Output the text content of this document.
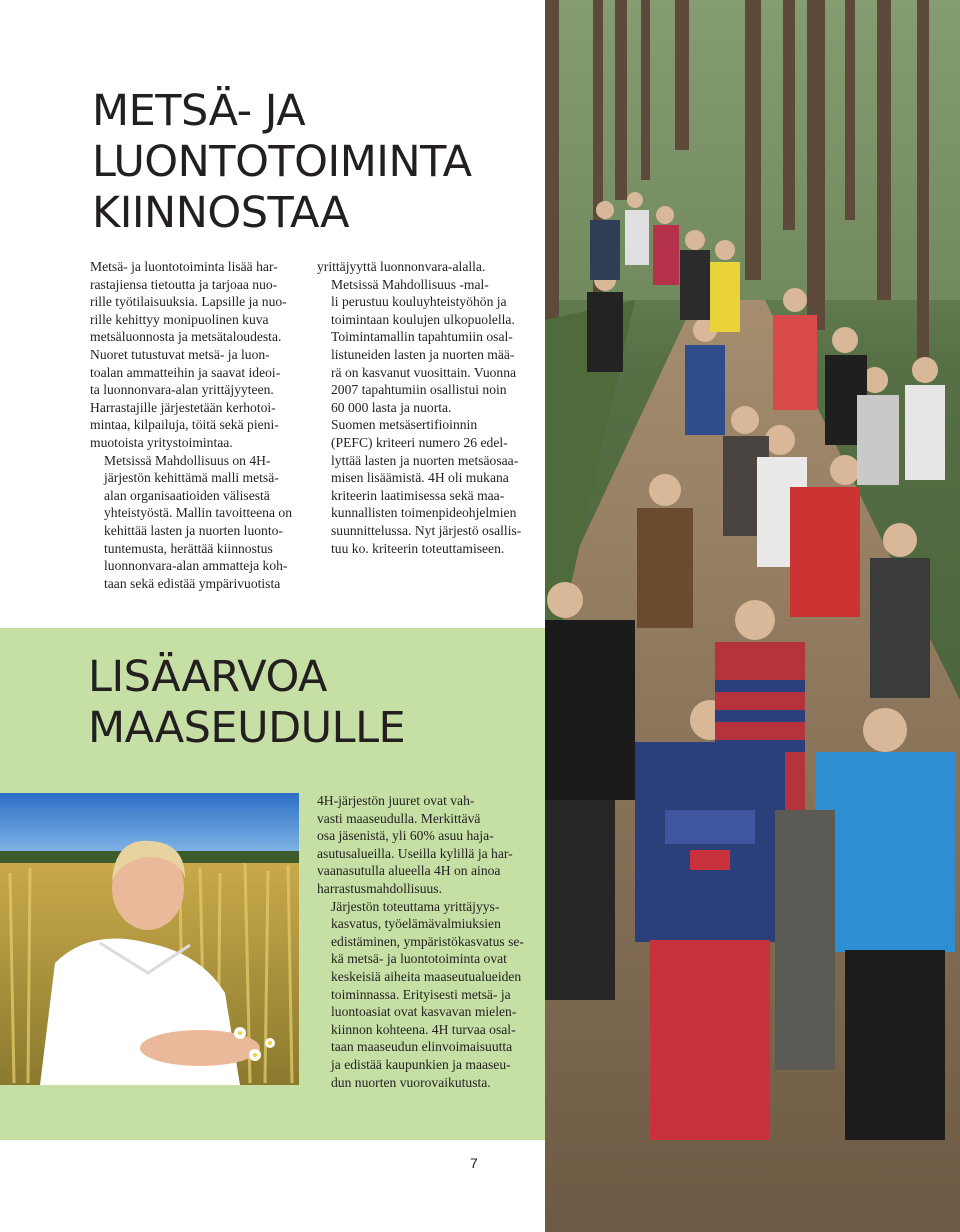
METSÄ- JA
LUONTOTOIMINTA
KIINNOSTAA

Metsä- ja luontotoiminta lisää har-
rastajiensa tietoutta ja tarjoaa nuo-
rille työtilaisuuksia. Lapsille ja nuo-
rille kehittyy monipuolinen kuva
metsäluonnosta ja metsätaloudesta.
Nuoret tutustuvat metsä- ja luon-
toalan ammatteihin ja saavat ideoi-
ta luonnonvara-alan yrittäjyyteen.
Harrastajille järjestetään kerhotoi-
mintaa, kilpailuja, töitä sekä pieni-
muotoista yritystoimintaa.

Metsissä Mahdollisuus on 4H-
järjestön kehittämä malli metsä-
alan organisaatioiden välisestä
yhteistyöstä. Mallin tavoitteena on
kehittää lasten ja nuorten luonto-
tuntemusta, herättää kiinnostus
luonnonvara-alan ammatteja koh-
taan sekä edistää ympärivuotista

yrittäjyyttä luonnonvara-alalla.

Metsissä Mahdollisuus -mal-
li perustuu kouluyhteistyöhön ja
toimintaan koulujen ulkopuolella.
Toimintamallin tapahtumiin osal-
listuneiden lasten ja nuorten mää-
rä on kasvanut vuosittain. Vuonna
2007 tapahtumiin osallistui noin
60 000 lasta ja nuorta.

Suomen metsäsertifioinnin
(PEFC) kriteeri numero 26 edel-
lyttää lasten ja nuorten metsäosaa-
misen lisäämistä. 4H oli mukana
kriteerin laatimisessa sekä maa-
kunnallisten toimenpideohjelmien
suunnittelussa. Nyt järjestö osallis-
tuu ko. kriteerin toteuttamiseen.

LISÄARVOA
MAASEUDULLE

4H-järjestön juuret ovat vah-
vasti maaseudulla. Merkittävä
osa jäsenistä, yli 60% asuu haja-
asutusalueilla. Useilla kylillä ja har-
vaanasutulla alueella 4H on ainoa
harrastusmahdollisuus.

Järjestön toteuttama yrittäjyys-
kasvatus, työelämävalmiuksien
edistäminen, ympäristökasvatus se-
kä metsä- ja luontotoiminta ovat
keskeisiä aiheita maaseutualueiden
toiminnassa. Erityisesti metsä- ja
luontoasiat ovat kasvavan mielen-
kiinnon kohteena. 4H turvaa osal-
taan maaseudun elinvoimaisuutta
ja edistää kaupunkien ja maaseu-
dun nuorten vuorovaikutusta.

7
